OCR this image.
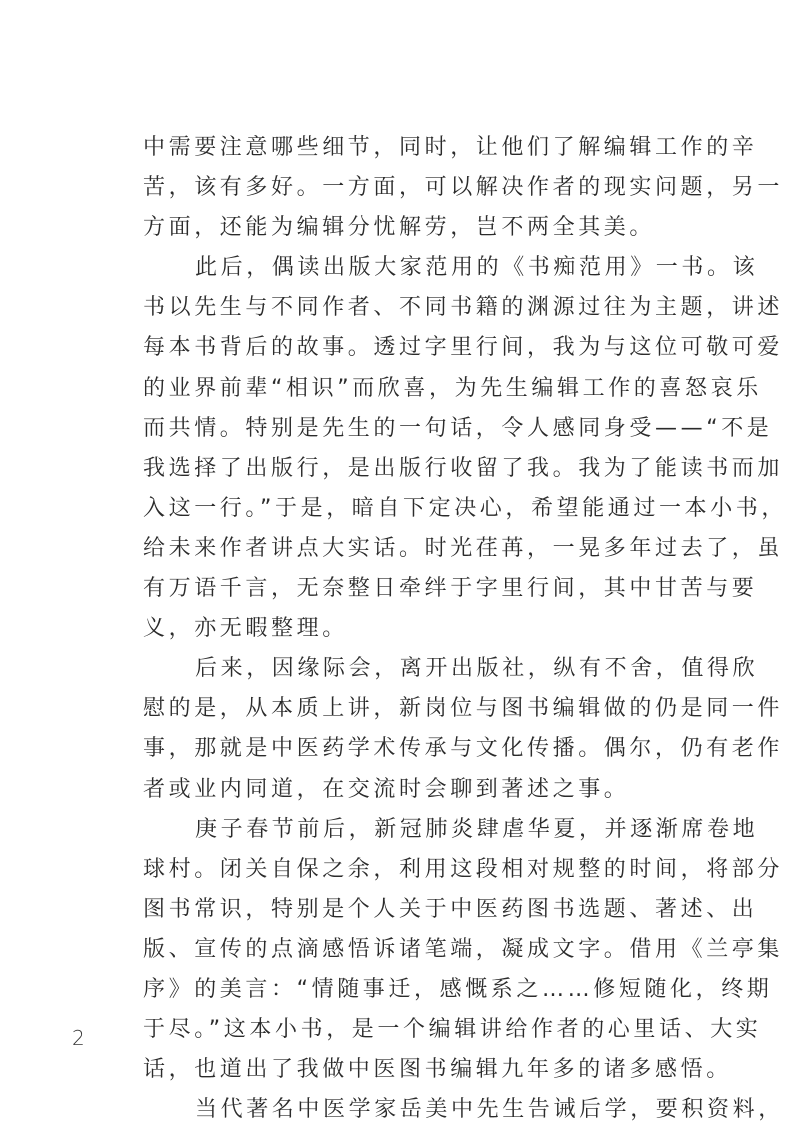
中需要注意哪些细节，同时，让他们了解编辑工作的辛
苦，该有多好。一方面，可以解决作者的现实问题，另一
方面，还能为编辑分忧解劳，岂不两全其美。
此后，偶读出版大家范用的《书痴范用》一书。该
书以先生与不同作者、不同书籍的渊源过往为主题，讲述
每本书背后的故事。透过字里行间，我为与这位可敬可爱
的业界前辈“相识”而欣喜，为先生编辑工作的喜怒哀乐
而共情。特别是先生的一句话，令人感同身受——“不是
我选择了出版行，是出版行收留了我。我为了能读书而加
入这一行。”于是，暗自下定决心，希望能通过一本小书，
给未来作者讲点大实话。时光荏苒，一晃多年过去了，虽
有万语千言，无奈整日牵绊于字里行间，其中甘苦与要
义，亦无暇整理。
后来，因缘际会，离开出版社，纵有不舍，值得欣
慰的是，从本质上讲，新岗位与图书编辑做的仍是同一件
事，那就是中医药学术传承与文化传播。偶尔，仍有老作
者或业内同道，在交流时会聊到著述之事。
庚子春节前后，新冠肺炎肆虐华夏，并逐渐席卷地
球村。闭关自保之余，利用这段相对规整的时间，将部分
图书常识，特别是个人关于中医药图书选题、著述、出
版、宣传的点滴感悟诉诸笔端，凝成文字。借用《兰亭集
序》的美言：“情随事迁，感慨系之……修短随化，终期
于尽。”这本小书，是一个编辑讲给作者的心里话、大实
话，也道出了我做中医图书编辑九年多的诸多感悟。
当代著名中医学家岳美中先生告诫后学，要积资料，
2
